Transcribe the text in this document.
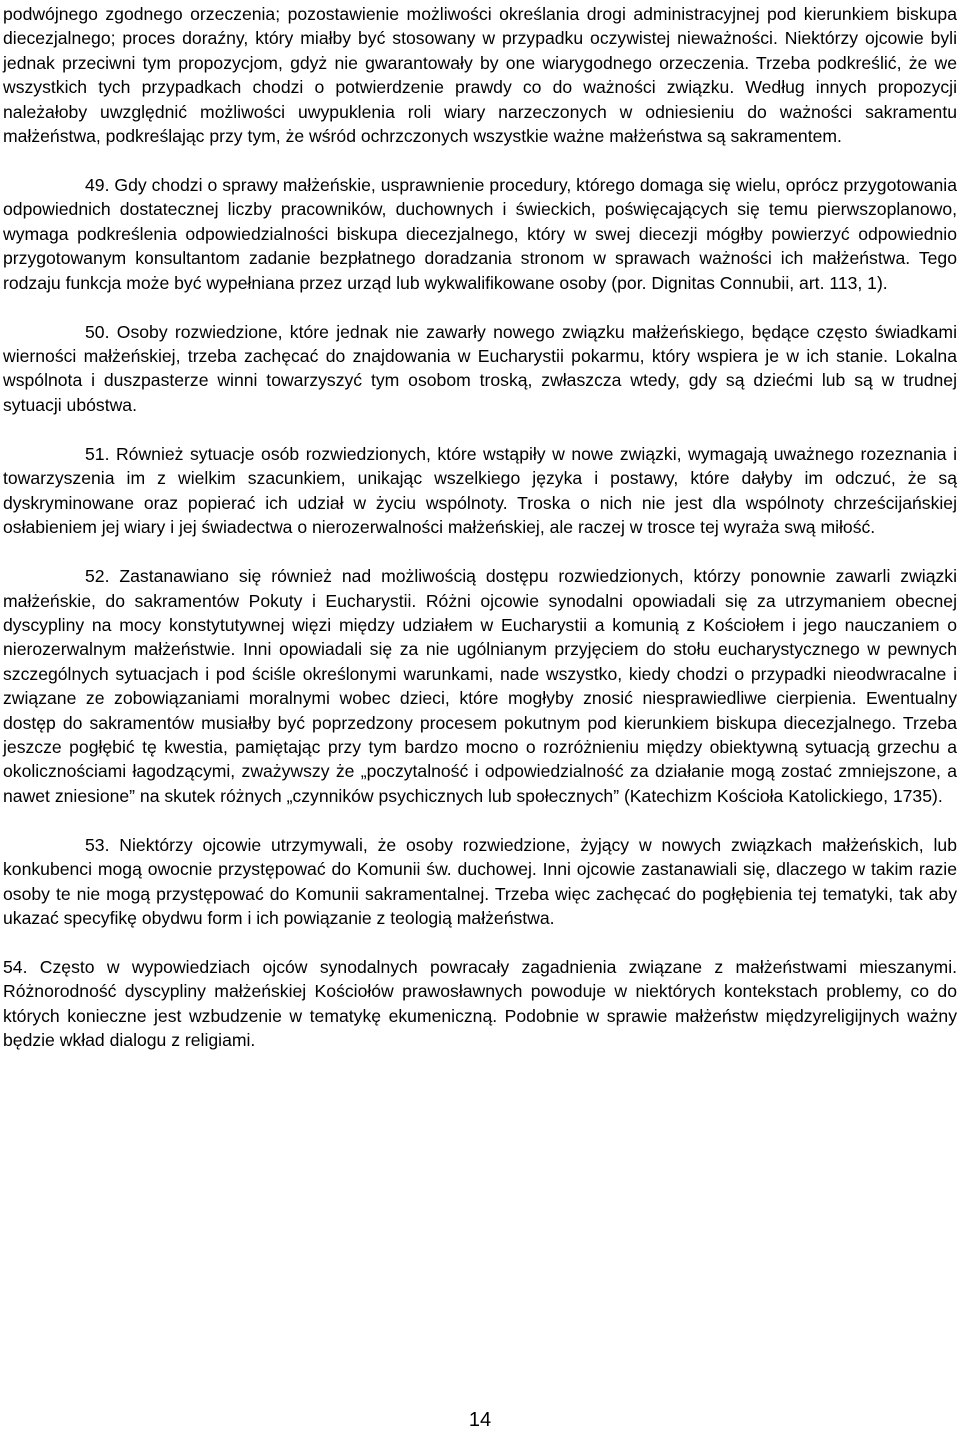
podwójnego zgodnego orzeczenia; pozostawienie możliwości określania drogi administracyjnej pod kierunkiem biskupa diecezjalnego; proces doraźny, który miałby być stosowany w przypadku oczywistej nieważności. Niektórzy ojcowie byli jednak przeciwni tym propozycjom, gdyż nie gwarantowały by one wiarygodnego orzeczenia. Trzeba podkreślić, że we wszystkich tych przypadkach chodzi o potwierdzenie prawdy co do ważności związku. Według innych propozycji należałoby uwzględnić możliwości uwypuklenia roli wiary narzeczonych w odniesieniu do ważności sakramentu małżeństwa, podkreślając przy tym, że wśród ochrzczonych wszystkie ważne małżeństwa są sakramentem.

49. Gdy chodzi o sprawy małżeńskie, usprawnienie procedury, którego domaga się wielu, oprócz przygotowania odpowiednich dostatecznej liczby pracowników, duchownych i świeckich, poświęcających się temu pierwszoplanowo, wymaga podkreślenia odpowiedzialności biskupa diecezjalnego, który w swej diecezji mógłby powierzyć odpowiednio przygotowanym konsultantom zadanie bezpłatnego doradzania stronom w sprawach ważności ich małżeństwa. Tego rodzaju funkcja może być wypełniana przez urząd lub wykwalifikowane osoby (por. Dignitas Connubii, art. 113, 1).

50. Osoby rozwiedzione, które jednak nie zawarły nowego związku małżeńskiego, będące często świadkami wierności małżeńskiej, trzeba zachęcać do znajdowania w Eucharystii pokarmu, który wspiera je w ich stanie. Lokalna wspólnota i duszpasterze winni towarzyszyć tym osobom troską, zwłaszcza wtedy, gdy są dziećmi lub są w trudnej sytuacji ubóstwa.

51. Również sytuacje osób rozwiedzionych, które wstąpiły w nowe związki, wymagają uważnego rozeznania i towarzyszenia im z wielkim szacunkiem, unikając wszelkiego języka i postawy, które dałyby im odczuć, że są dyskryminowane oraz popierać ich udział w życiu wspólnoty. Troska o nich nie jest dla wspólnoty chrześcijańskiej osłabieniem jej wiary i jej świadectwa o nierozerwalności małżeńskiej, ale raczej w trosce tej wyraża swą miłość.

52. Zastanawiano się również nad możliwością dostępu rozwiedzionych, którzy ponownie zawarli związki małżeńskie, do sakramentów Pokuty i Eucharystii. Różni ojcowie synodalni opowiadali się za utrzymaniem obecnej dyscypliny na mocy konstytutywnej więzi między udziałem w Eucharystii a komunią z Kościołem i jego nauczaniem o nierozerwalnym małżeństwie. Inni opowiadali się za nie ugólnianym przyjęciem do stołu eucharystycznego w pewnych szczególnych sytuacjach i pod ściśle określonymi warunkami, nade wszystko, kiedy chodzi o przypadki nieodwracalne i związane ze zobowiązaniami moralnymi wobec dzieci, które mogłyby znosić niesprawiedliwe cierpienia. Ewentualny dostęp do sakramentów musiałby być poprzedzony procesem pokutnym pod kierunkiem biskupa diecezjalnego. Trzeba jeszcze pogłębić tę kwestia, pamiętając przy tym bardzo mocno o rozróżnieniu między obiektywną sytuacją grzechu a okolicznościami łagodzącymi, zważywszy że „poczytalność i odpowiedzialność za działanie mogą zostać zmniejszone, a nawet zniesione” na skutek różnych „czynników psychicznych lub społecznych” (Katechizm Kościoła Katolickiego, 1735).

53. Niektórzy ojcowie utrzymywali, że osoby rozwiedzione, żyjący w nowych związkach małżeńskich, lub konkubenci mogą owocnie przystępować do Komunii św. duchowej. Inni ojcowie zastanawiali się, dlaczego w takim razie osoby te nie mogą przystępować do Komunii sakramentalnej. Trzeba więc zachęcać do pogłębienia tej tematyki, tak aby ukazać specyfikę obydwu form i ich powiązanie z teologią małżeństwa.

54. Często w wypowiedziach ojców synodalnych powracały zagadnienia związane z małżeństwami mieszanymi. Różnorodność dyscypliny małżeńskiej Kościołów prawosławnych powoduje w niektórych kontekstach problemy, co do których konieczne jest wzbudzenie w tematykę ekumeniczną. Podobnie w sprawie małżeństw międzyreligijnych ważny będzie wkład dialogu z religiami.

14
